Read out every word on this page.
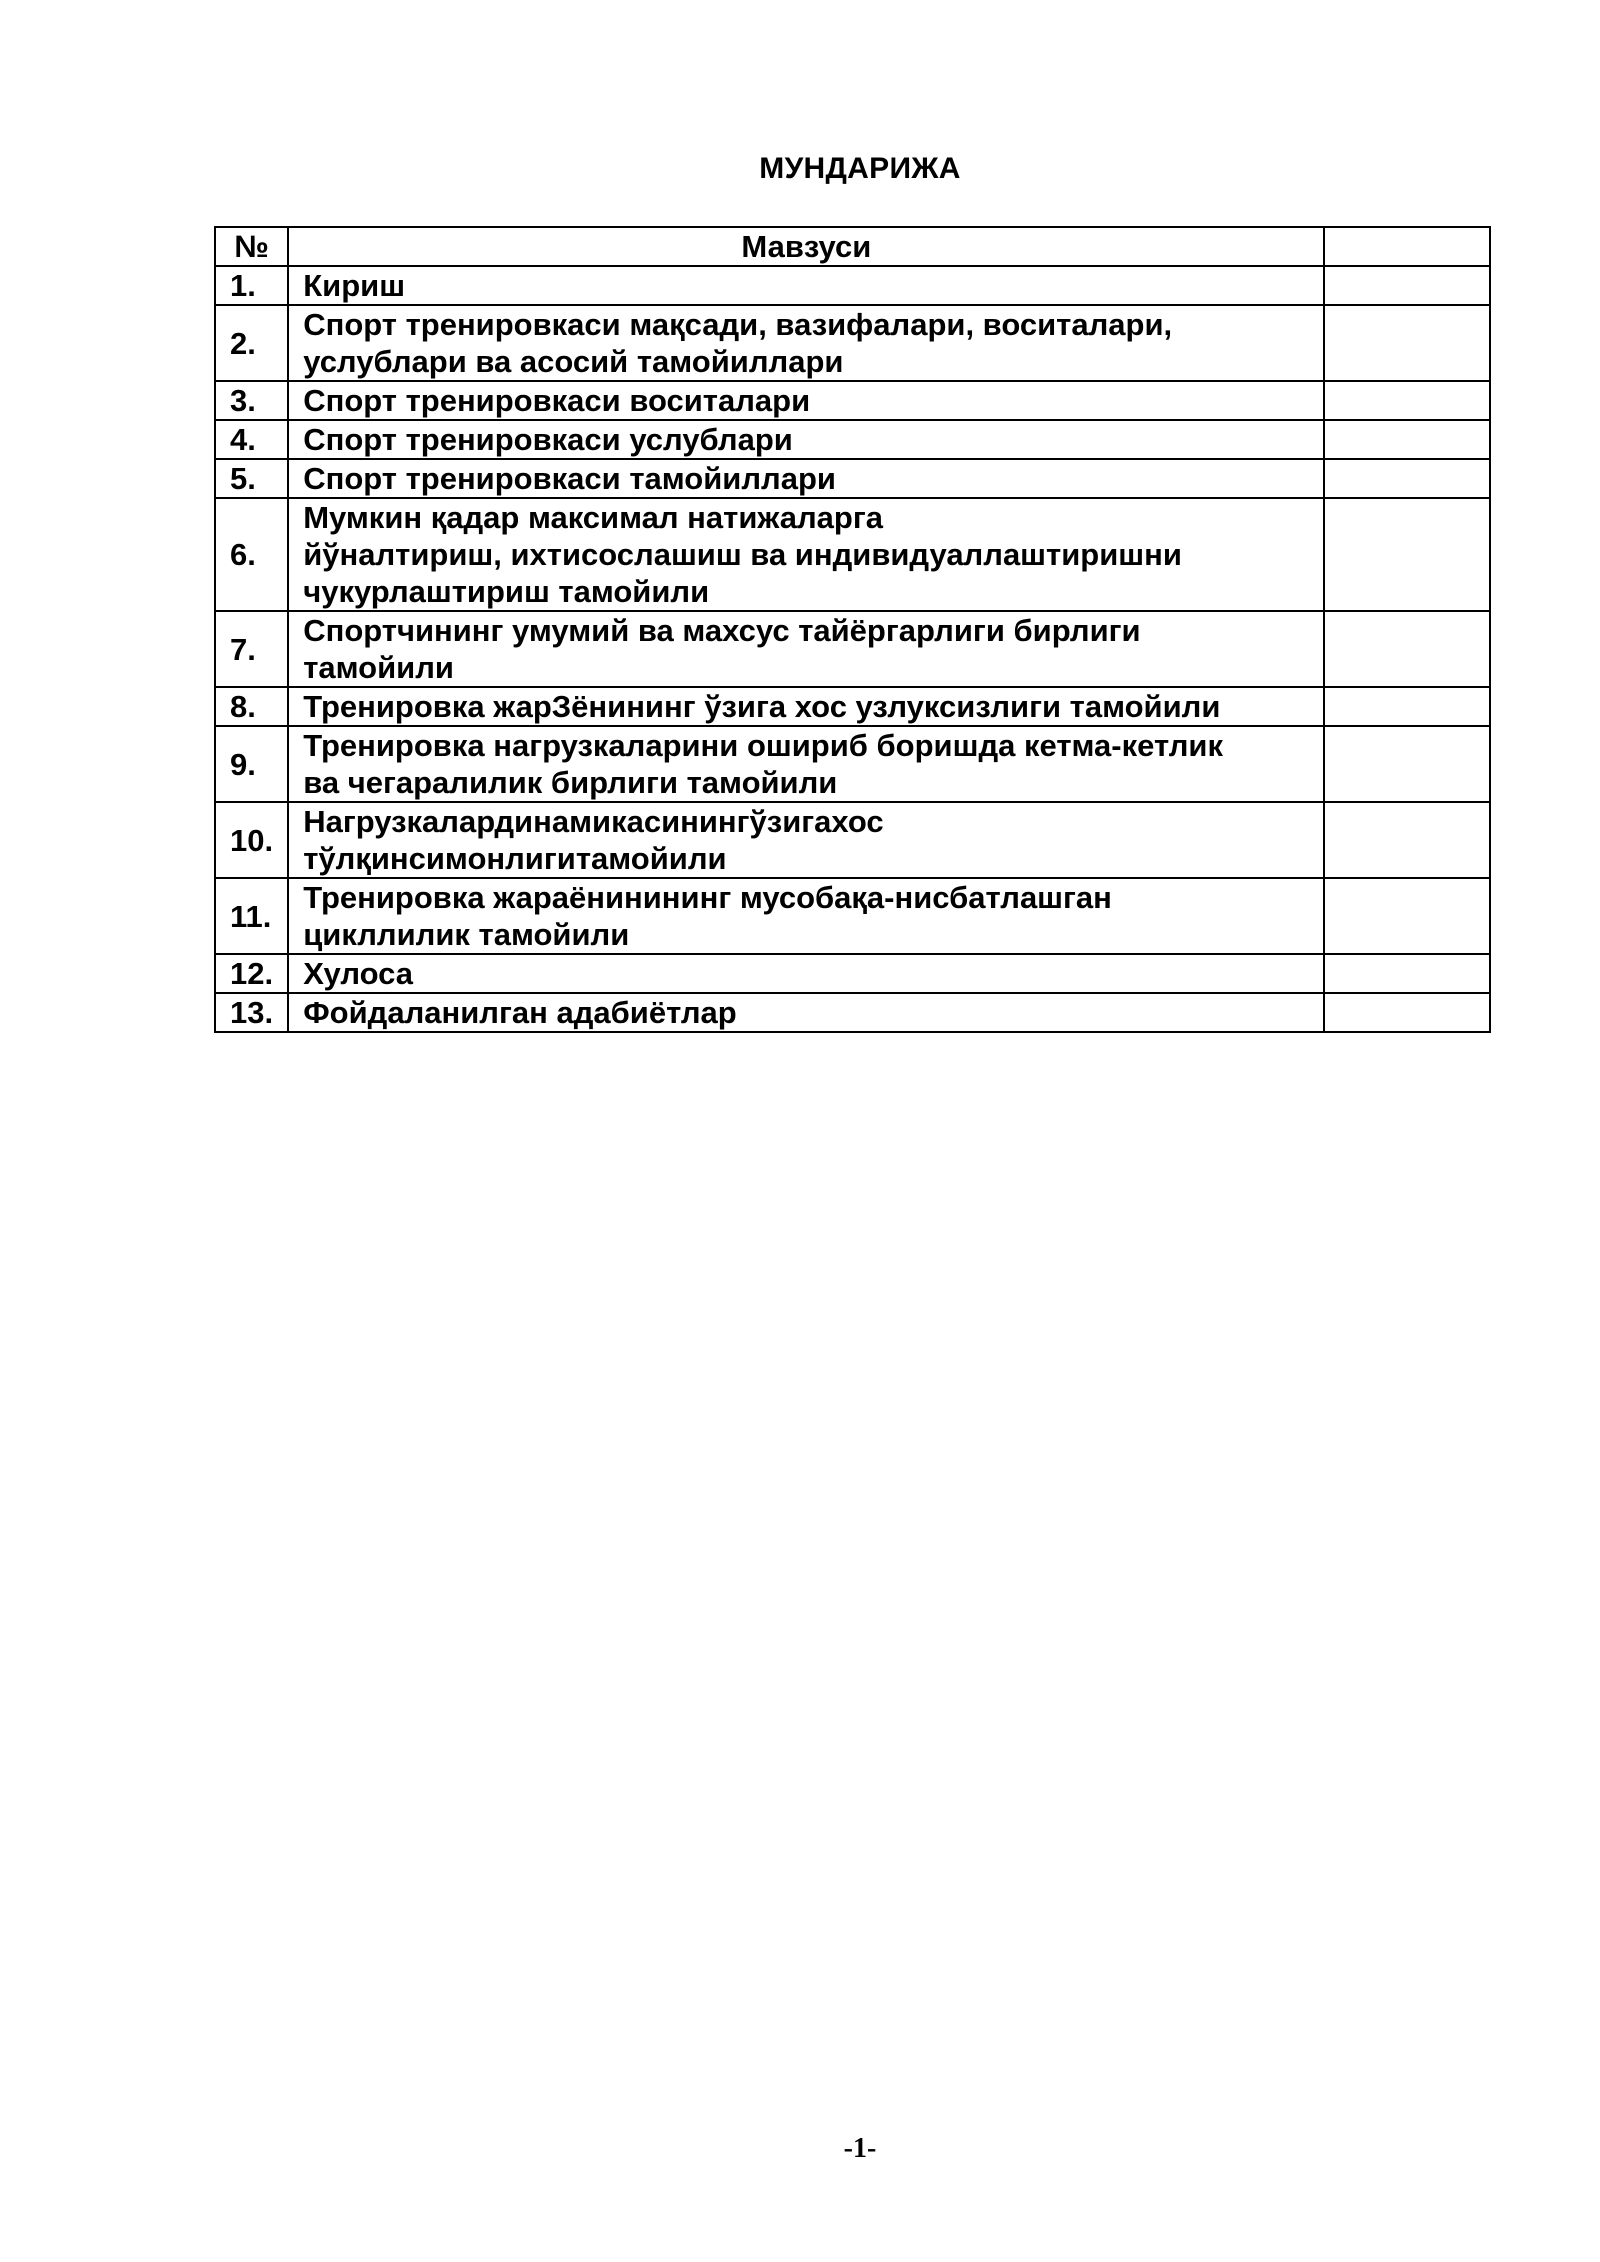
МУНДАРИЖА
№	Мавзуси	
1.	Кириш	

2.	Спорт тренировкаси мақсади, вазифалари, воситалари,
услублари ва асосий тамойиллари	

3.	Спорт тренировкаси воситалари	

4.	Спорт тренировкаси услублари	

5.	Спорт тренировкаси тамойиллари	

6.	Мумкин қадар максимал натижаларга
йўналтириш, ихтисослашиш ва индивидуаллаштиришни
чукурлаштириш тамойили	

7.	Спортчининг умумий ва махсус тайёргарлиги бирлиги
тамойили	

8.	Тренировка жарЗёнининг ўзига хос узлуксизлиги тамойили	

9.	Тренировка нагрузкаларини ошириб боришда кетма-кетлик
ва чегаралилик бирлиги тамойили	

10.	Нагрузкалардинамикасинингўзигахос
тўлқинсимонлигитамойили	

11.	Тренировка жараёнинининг мусобақа-нисбатлашган
цикллилик тамойили	

12.	Хулоса	

13.	Фойдаланилган адабиётлар	

-1-
